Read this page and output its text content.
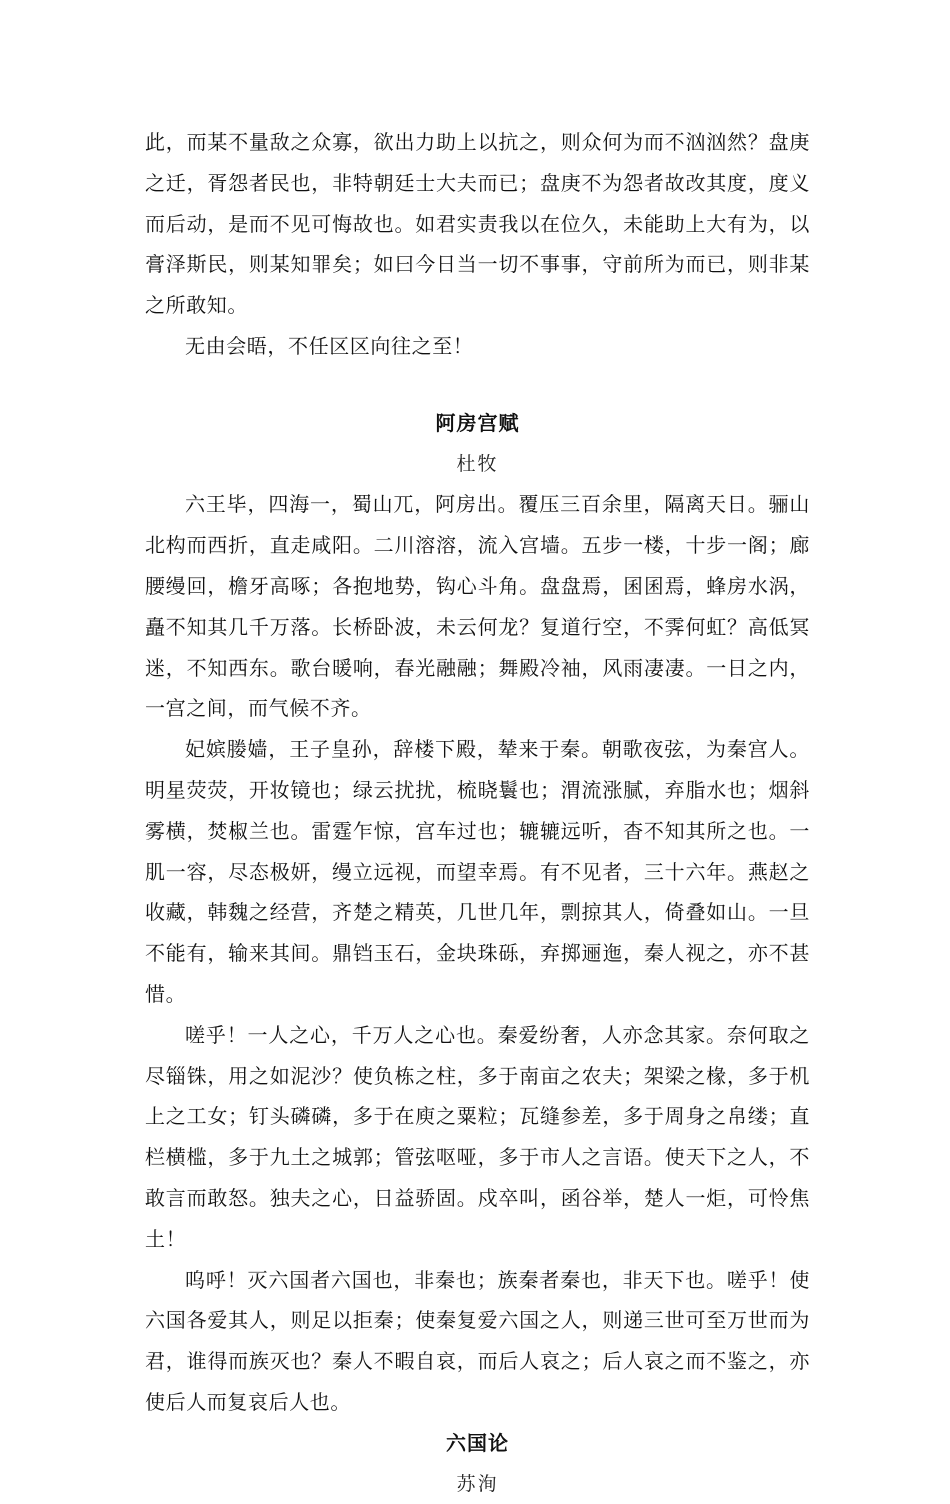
此，而某不量敌之众寡，欲出力助上以抗之，则众何为而不汹汹然？盘庚之迁，胥怨者民也，非特朝廷士大夫而已；盘庚不为怨者故改其度，度义而后动，是而不见可悔故也。如君实责我以在位久，未能助上大有为，以膏泽斯民，则某知罪矣；如曰今日当一切不事事，守前所为而已，则非某之所敢知。

无由会晤，不任区区向往之至！

阿房宫赋

杜牧

六王毕，四海一，蜀山兀，阿房出。覆压三百余里，隔离天日。骊山北构而西折，直走咸阳。二川溶溶，流入宫墙。五步一楼，十步一阁；廊腰缦回，檐牙高啄；各抱地势，钩心斗角。盘盘焉，囷囷焉，蜂房水涡，矗不知其几千万落。长桥卧波，未云何龙？复道行空，不霁何虹？高低冥迷，不知西东。歌台暖响，春光融融；舞殿冷袖，风雨凄凄。一日之内，一宫之间，而气候不齐。

妃嫔媵嫱，王子皇孙，辞楼下殿，辇来于秦。朝歌夜弦，为秦宫人。明星荧荧，开妆镜也；绿云扰扰，梳晓鬟也；渭流涨腻，弃脂水也；烟斜雾横，焚椒兰也。雷霆乍惊，宫车过也；辘辘远听，杳不知其所之也。一肌一容，尽态极妍，缦立远视，而望幸焉。有不见者，三十六年。燕赵之收藏，韩魏之经营，齐楚之精英，几世几年，剽掠其人，倚叠如山。一旦不能有，输来其间。鼎铛玉石，金块珠砾，弃掷逦迤，秦人视之，亦不甚惜。

嗟乎！一人之心，千万人之心也。秦爱纷奢，人亦念其家。奈何取之尽锱铢，用之如泥沙？使负栋之柱，多于南亩之农夫；架梁之椽，多于机上之工女；钉头磷磷，多于在庾之粟粒；瓦缝参差，多于周身之帛缕；直栏横槛，多于九土之城郭；管弦呕哑，多于市人之言语。使天下之人，不敢言而敢怒。独夫之心，日益骄固。戍卒叫，函谷举，楚人一炬，可怜焦土！

呜呼！灭六国者六国也，非秦也；族秦者秦也，非天下也。嗟乎！使六国各爱其人，则足以拒秦；使秦复爱六国之人，则递三世可至万世而为君，谁得而族灭也？秦人不暇自哀，而后人哀之；后人哀之而不鉴之，亦使后人而复哀后人也。

六国论

苏洵
